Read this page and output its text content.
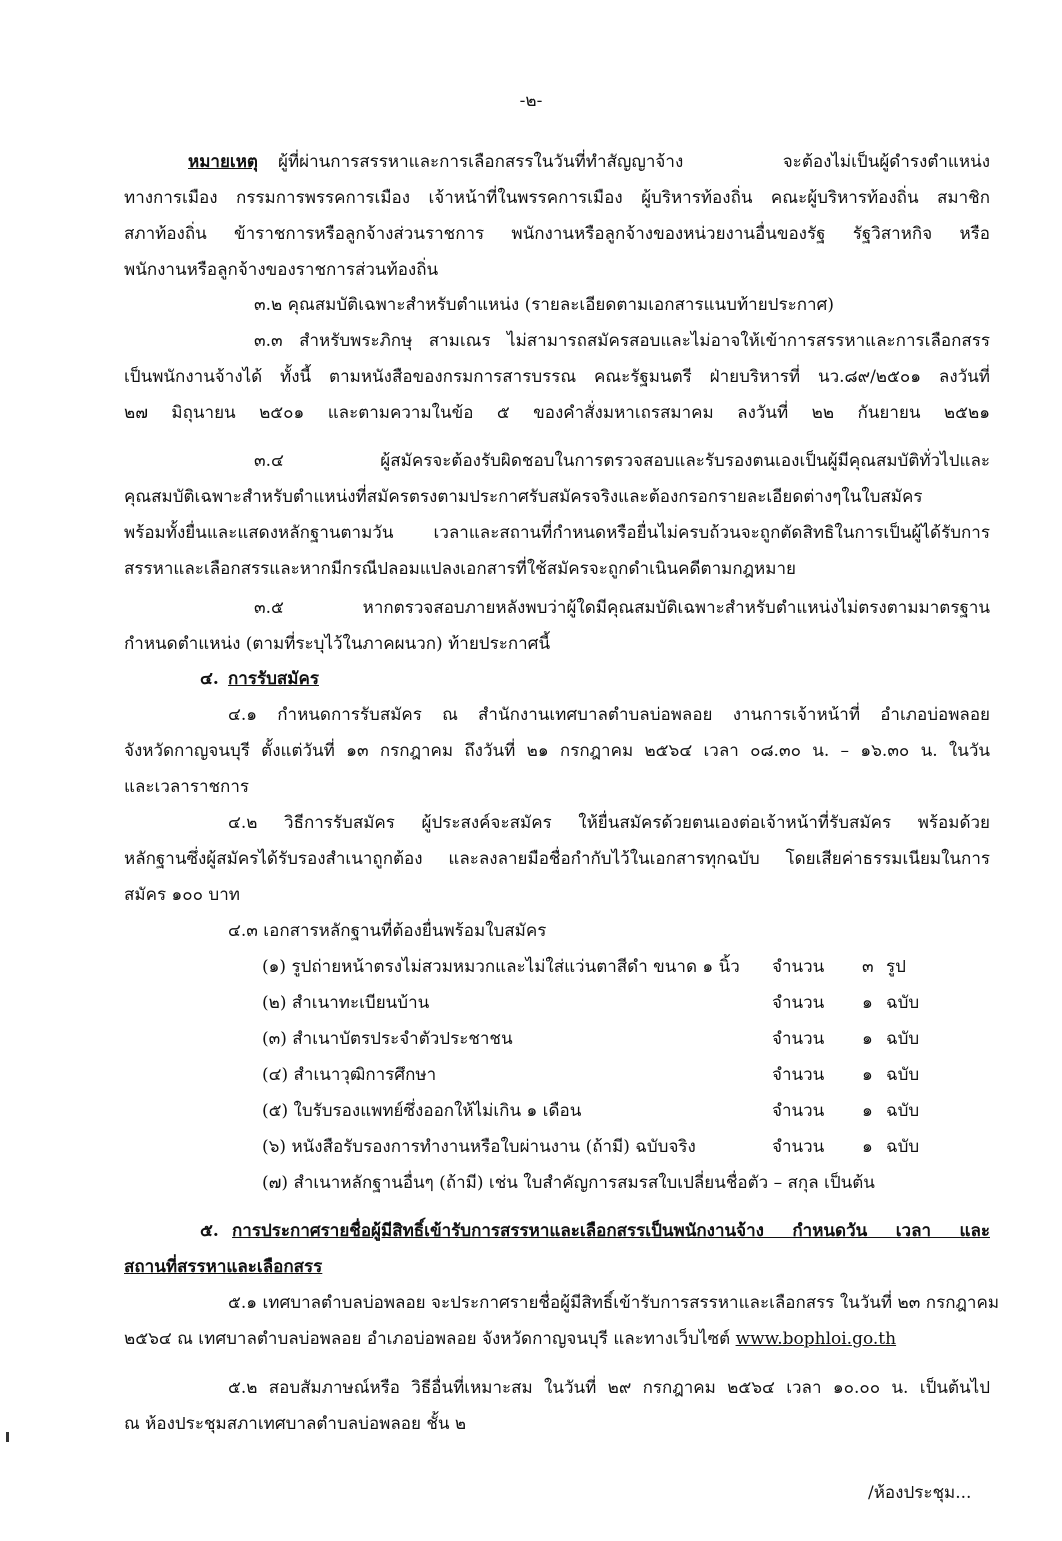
-๒-
หมายเหตุ ผู้ที่ผ่านการสรรหาและการเลือกสรรในวันที่ทำสัญญาจ้าง จะต้องไม่เป็นผู้ดำรงตำแหน่ง
ทางการเมือง กรรมการพรรคการเมือง เจ้าหน้าที่ในพรรคการเมือง ผู้บริหารท้องถิ่น คณะผู้บริหารท้องถิ่น สมาชิก
สภาท้องถิ่น ข้าราชการหรือลูกจ้างส่วนราชการ พนักงานหรือลูกจ้างของหน่วยงานอื่นของรัฐ รัฐวิสาหกิจ หรือ
พนักงานหรือลูกจ้างของราชการส่วนท้องถิ่น
๓.๒ คุณสมบัติเฉพาะสำหรับตำแหน่ง (รายละเอียดตามเอกสารแนบท้ายประกาศ)
๓.๓ สำหรับพระภิกษุ สามเณร ไม่สามารถสมัครสอบและไม่อาจให้เข้าการสรรหาและการเลือกสรร
เป็นพนักงานจ้างได้ ทั้งนี้ ตามหนังสือของกรมการสารบรรณ คณะรัฐมนตรี ฝ่ายบริหารที่ นว.๘๙/๒๕๐๑ ลงวันที่
๒๗ มิถุนายน ๒๕๐๑ และตามความในข้อ ๕ ของคำสั่งมหาเถรสมาคม ลงวันที่ ๒๒ กันยายน ๒๕๒๑
๓.๔ ผู้สมัครจะต้องรับผิดชอบในการตรวจสอบและรับรองตนเองเป็นผู้มีคุณสมบัติทั่วไปและ
คุณสมบัติเฉพาะสำหรับตำแหน่งที่สมัครตรงตามประกาศรับสมัครจริงและต้องกรอกรายละเอียดต่างๆในใบสมัคร
พร้อมทั้งยื่นและแสดงหลักฐานตามวัน เวลาและสถานที่กำหนดหรือยื่นไม่ครบถ้วนจะถูกตัดสิทธิในการเป็นผู้ได้รับการ
สรรหาและเลือกสรรและหากมีกรณีปลอมแปลงเอกสารที่ใช้สมัครจะถูกดำเนินคดีตามกฎหมาย
๓.๕ หากตรวจสอบภายหลังพบว่าผู้ใดมีคุณสมบัติเฉพาะสำหรับตำแหน่งไม่ตรงตามมาตรฐาน
กำหนดตำแหน่ง (ตามที่ระบุไว้ในภาคผนวก) ท้ายประกาศนี้
๔. การรับสมัคร
๔.๑ กำหนดการรับสมัคร ณ สำนักงานเทศบาลตำบลบ่อพลอย งานการเจ้าหน้าที่ อำเภอบ่อพลอย
จังหวัดกาญจนบุรี ตั้งแต่วันที่ ๑๓ กรกฎาคม ถึงวันที่ ๒๑ กรกฎาคม ๒๕๖๔ เวลา ๐๘.๓๐ น. – ๑๖.๓๐ น. ในวัน
และเวลาราชการ
๔.๒ วิธีการรับสมัคร ผู้ประสงค์จะสมัคร ให้ยื่นสมัครด้วยตนเองต่อเจ้าหน้าที่รับสมัคร พร้อมด้วย
หลักฐานซึ่งผู้สมัครได้รับรองสำเนาถูกต้อง และลงลายมือชื่อกำกับไว้ในเอกสารทุกฉบับ โดยเสียค่าธรรมเนียมในการ
สมัคร ๑๐๐ บาท
๔.๓ เอกสารหลักฐานที่ต้องยื่นพร้อมใบสมัคร
(๑) รูปถ่ายหน้าตรงไม่สวมหมวกและไม่ใส่แว่นตาสีดำ ขนาด ๑ นิ้ว จำนวน ๓ รูป
(๒) สำเนาทะเบียนบ้าน	จำนวน ๑ ฉบับ
(๓) สำเนาบัตรประจำตัวประชาชน	จำนวน ๑ ฉบับ
(๔) สำเนาวุฒิการศึกษา	จำนวน ๑ ฉบับ
(๕) ใบรับรองแพทย์ซึ่งออกให้ไม่เกิน ๑ เดือน	จำนวน ๑ ฉบับ
(๖) หนังสือรับรองการทำงานหรือใบผ่านงาน (ถ้ามี) ฉบับจริง	จำนวน ๑ ฉบับ
(๗) สำเนาหลักฐานอื่นๆ (ถ้ามี) เช่น ใบสำคัญการสมรสใบเปลี่ยนชื่อตัว – สกุล เป็นต้น
๕. การประกาศรายชื่อผู้มีสิทธิ์เข้ารับการสรรหาและเลือกสรรเป็นพนักงานจ้าง กำหนดวัน เวลา และ
สถานที่สรรหาและเลือกสรร
๕.๑ เทศบาลตำบลบ่อพลอย จะประกาศรายชื่อผู้มีสิทธิ์เข้ารับการสรรหาและเลือกสรร ในวันที่ ๒๓ กรกฎาคม
๒๕๖๔ ณ เทศบาลตำบลบ่อพลอย อำเภอบ่อพลอย จังหวัดกาญจนบุรี และทางเว็บไซต์ www.bophloi.go.th
๕.๒ สอบสัมภาษณ์หรือ วิธีอื่นที่เหมาะสม ในวันที่ ๒๙ กรกฎาคม ๒๕๖๔ เวลา ๑๐.๐๐ น. เป็นต้นไป
ณ ห้องประชุมสภาเทศบาลตำบลบ่อพลอย ชั้น ๒
/ห้องประชุม...
